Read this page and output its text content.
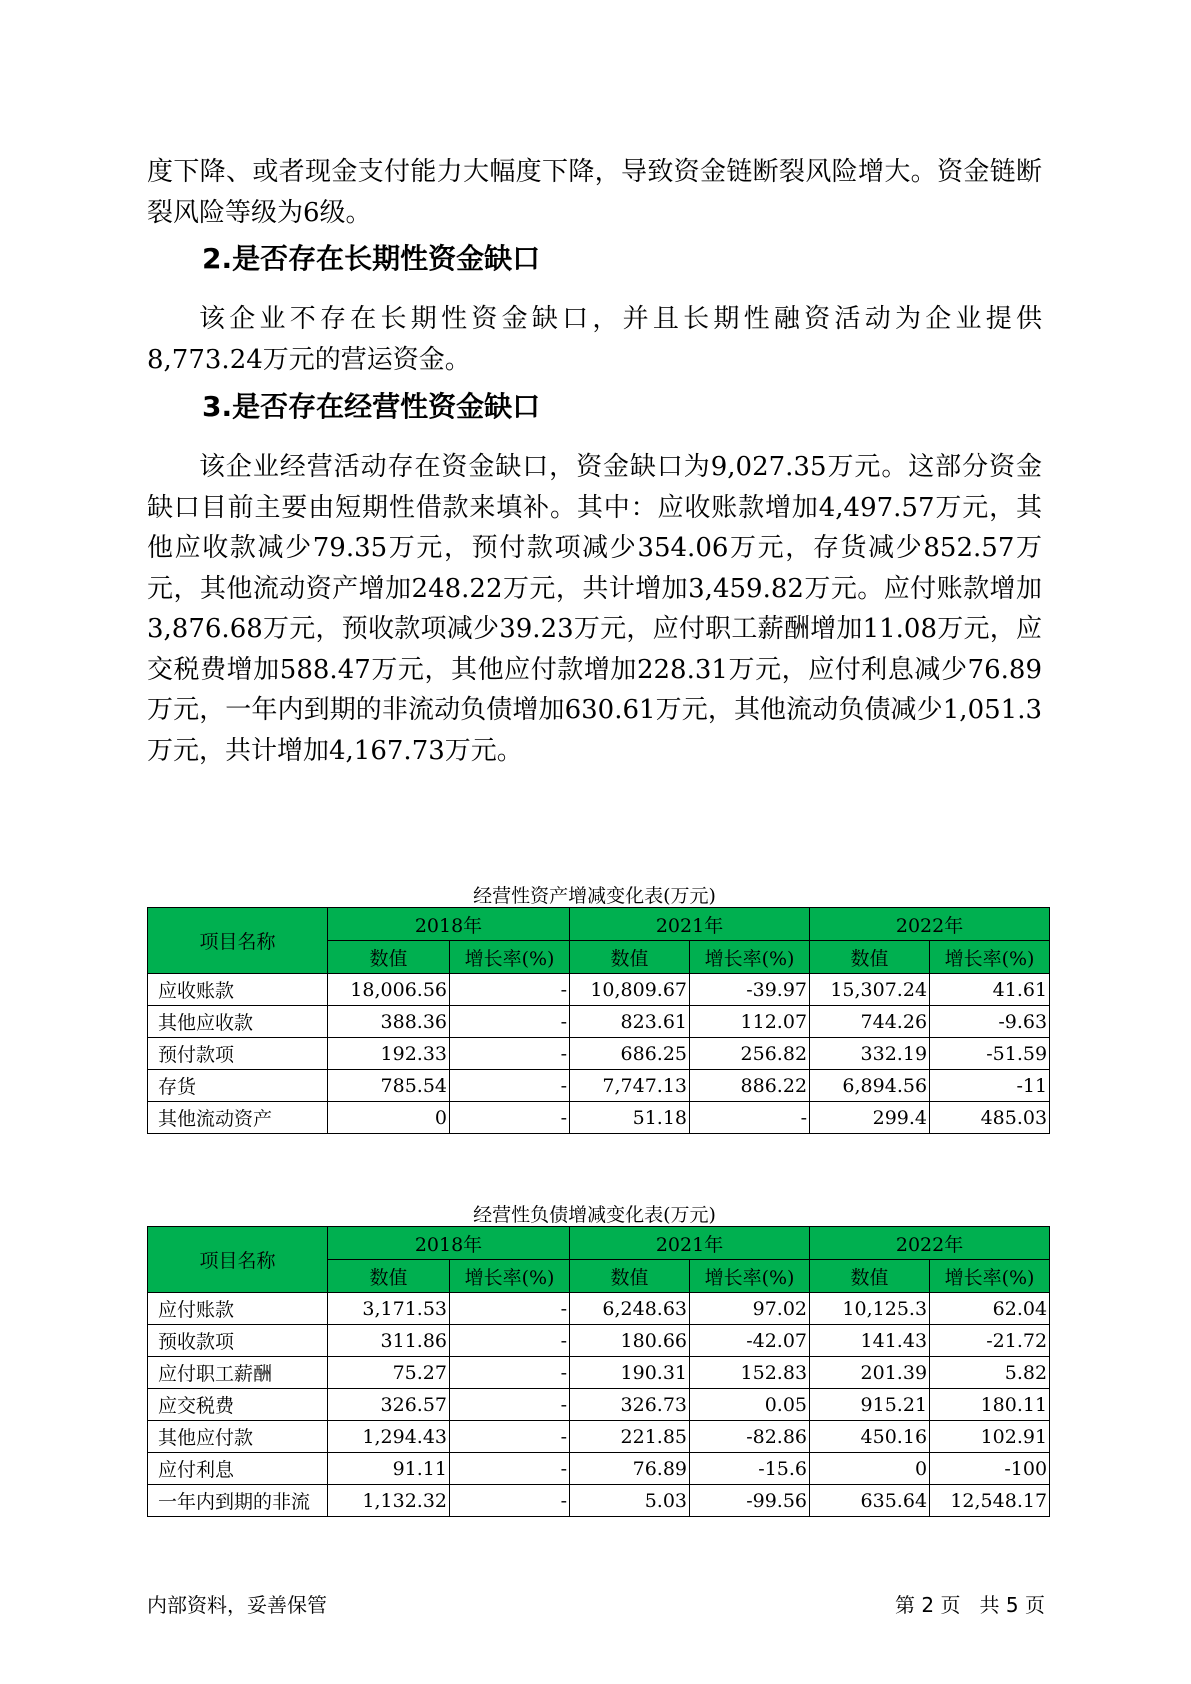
度下降、或者现金支付能力大幅度下降，导致资金链断裂风险增大。资金链断裂风险等级为6级。

2.是否存在长期性资金缺口

该企业不存在长期性资金缺口，并且长期性融资活动为企业提供8,773.24万元的营运资金。

3.是否存在经营性资金缺口

该企业经营活动存在资金缺口，资金缺口为9,027.35万元。这部分资金缺口目前主要由短期性借款来填补。其中：应收账款增加4,497.57万元，其他应收款减少79.35万元，预付款项减少354.06万元，存货减少852.57万元，其他流动资产增加248.22万元，共计增加3,459.82万元。应付账款增加3,876.68万元，预收款项减少39.23万元，应付职工薪酬增加11.08万元，应交税费增加588.47万元，其他应付款增加228.31万元，应付利息减少76.89万元，一年内到期的非流动负债增加630.61万元，其他流动负债减少1,051.3万元，共计增加4,167.73万元。

经营性资产增减变化表(万元)

项目名称	2018年		2021年		2022年	
	数值	增长率(%)	数值	增长率(%)	数值	增长率(%)
应收账款	18,006.56	-	10,809.67	-39.97	15,307.24	41.61
其他应收款	388.36	-	823.61	112.07	744.26	-9.63
预付款项	192.33	-	686.25	256.82	332.19	-51.59
存货	785.54	-	7,747.13	886.22	6,894.56	-11
其他流动资产	0	-	51.18	-	299.4	485.03

经营性负债增减变化表(万元)

项目名称	2018年		2021年		2022年	
	数值	增长率(%)	数值	增长率(%)	数值	增长率(%)
应付账款	3,171.53	-	6,248.63	97.02	10,125.3	62.04
预收款项	311.86	-	180.66	-42.07	141.43	-21.72
应付职工薪酬	75.27	-	190.31	152.83	201.39	5.82
应交税费	326.57	-	326.73	0.05	915.21	180.11
其他应付款	1,294.43	-	221.85	-82.86	450.16	102.91
应付利息	91.11	-	76.89	-15.6	0	-100
一年内到期的非流	1,132.32	-	5.03	-99.56	635.64	12,548.17

内部资料，妥善保管	第 2 页   共 5 页
